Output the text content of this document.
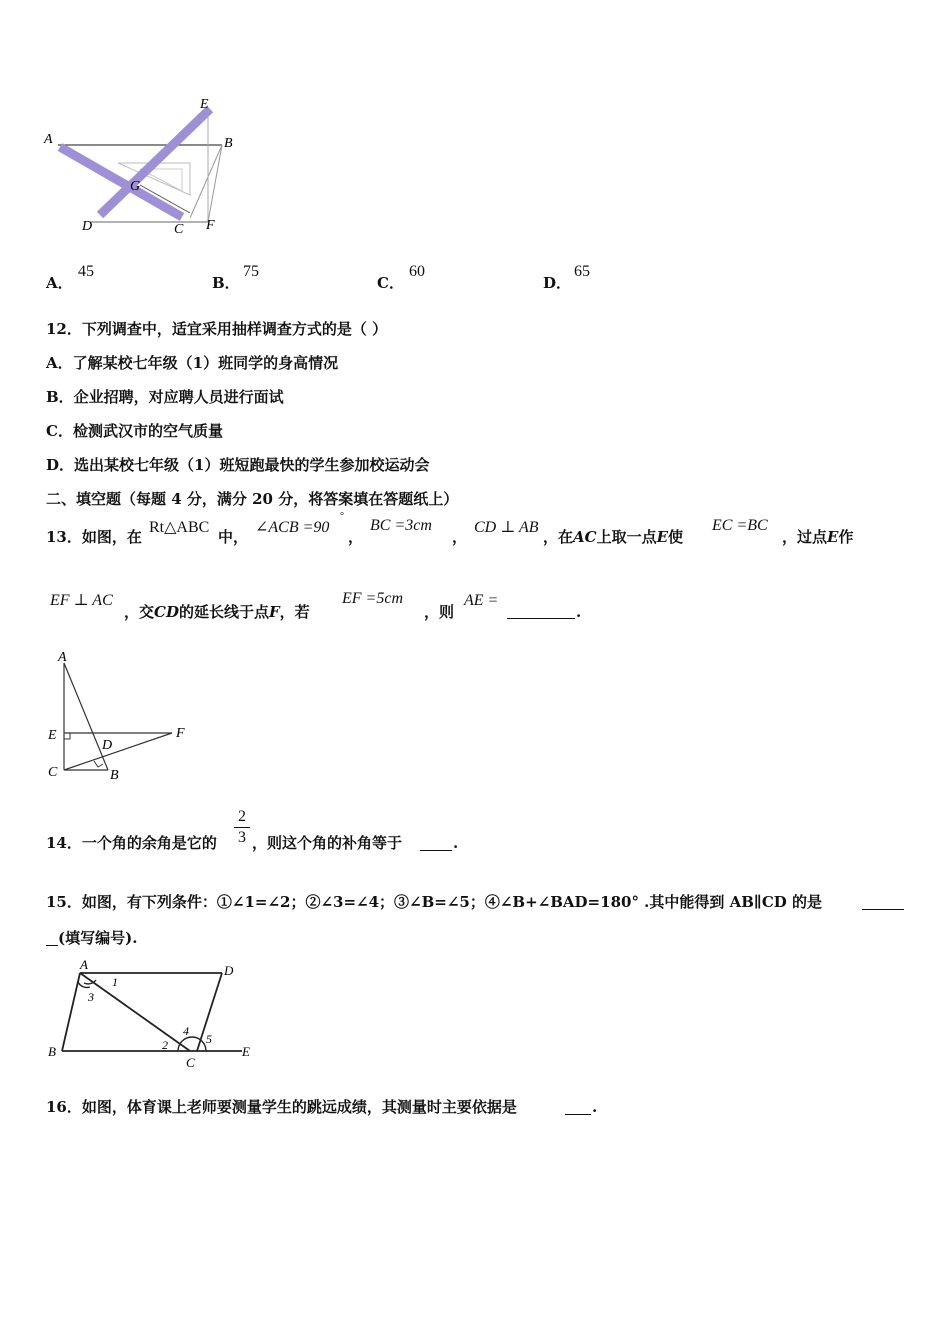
A
E
B
G
D	C F
A．
45
B．
75
C．
60
D．
65
12．下列调查中，适宜采用抽样调查方式的是（ ）
A．了解某校七年级（1）班同学的身高情况
B．企业招聘，对应聘人员进行面试
C．检测武汉市的空气质量
D．选出某校七年级（1）班短跑最快的学生参加校运动会
二、填空题（每题 4 分，满分 20 分，将答案填在答题纸上）
13．如图，在
Rt△ABC
中，
∠ACB =90
°
，
BC =3cm
，
CD ⊥ AB
，在AC上取一点E使
EC =BC
，过点E作
EF ⊥ AC
，交CD的延长线于点F，若
EF =5cm
，则
AE =
.
A
E
D
F
C	B
14．一个角的余角是它的
2
3 ，则这个角的补角等于	.
15．如图，有下列条件：①∠1=∠2；②∠3=∠4；③∠B=∠5；④∠B+∠BAD=180° .其中能得到 AB∥CD 的是
(填写编号).
A	D
B
C
E
1
3
4
2	5
16．如图，体育课上老师要测量学生的跳远成绩，其测量时主要依据是	.
